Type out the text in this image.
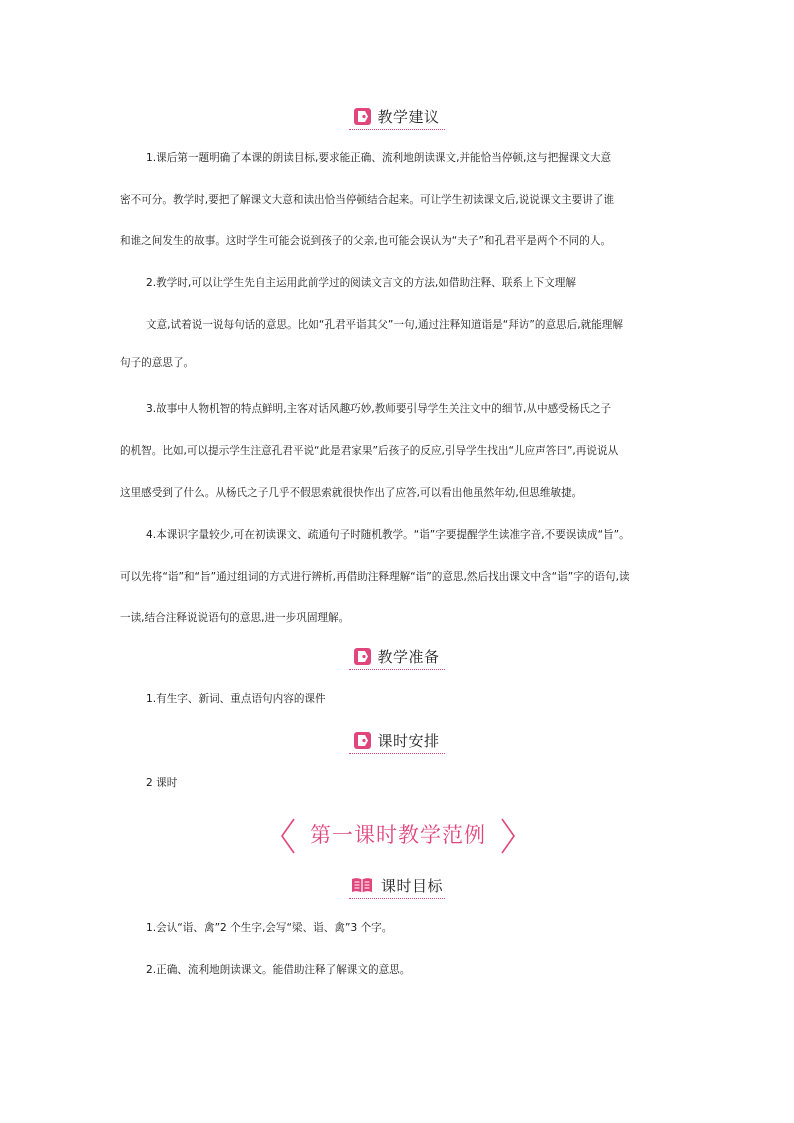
教学建议
1.课后第一题明确了本课的朗读目标,要求能正确、流利地朗读课文,并能恰当停顿,这与把握课文大意
密不可分。教学时,要把了解课文大意和读出恰当停顿结合起来。可让学生初读课文后,说说课文主要讲了谁
和谁之间发生的故事。这时学生可能会说到孩子的父亲,也可能会误认为“夫子”和孔君平是两个不同的人。
2.教学时,可以让学生先自主运用此前学过的阅读文言文的方法,如借助注释、联系上下文理解
文意,试着说一说每句话的意思。比如“孔君平诣其父”一句,通过注释知道诣是“拜访”的意思后,就能理解
句子的意思了。
3.故事中人物机智的特点鲜明,主客对话风趣巧妙,教师要引导学生关注文中的细节,从中感受杨氏之子
的机智。比如,可以提示学生注意孔君平说“此是君家果”后孩子的反应,引导学生找出“儿应声答曰”,再说说从
这里感受到了什么。从杨氏之子几乎不假思索就很快作出了应答,可以看出他虽然年幼,但思维敏捷。
4.本课识字量较少,可在初读课文、疏通句子时随机教学。“诣”字要提醒学生读准字音,不要误读成“旨”。
可以先将“诣”和“旨”通过组词的方式进行辨析,再借助注释理解“诣”的意思,然后找出课文中含“诣”字的语句,读
一读,结合注释说说语句的意思,进一步巩固理解。
教学准备
1.有生字、新词、重点语句内容的课件
课时安排
2 课时
第一课时教学范例
课时目标
1.会认“诣、禽”2 个生字,会写“梁、诣、禽”3 个字。
2.正确、流利地朗读课文。能借助注释了解课文的意思。
